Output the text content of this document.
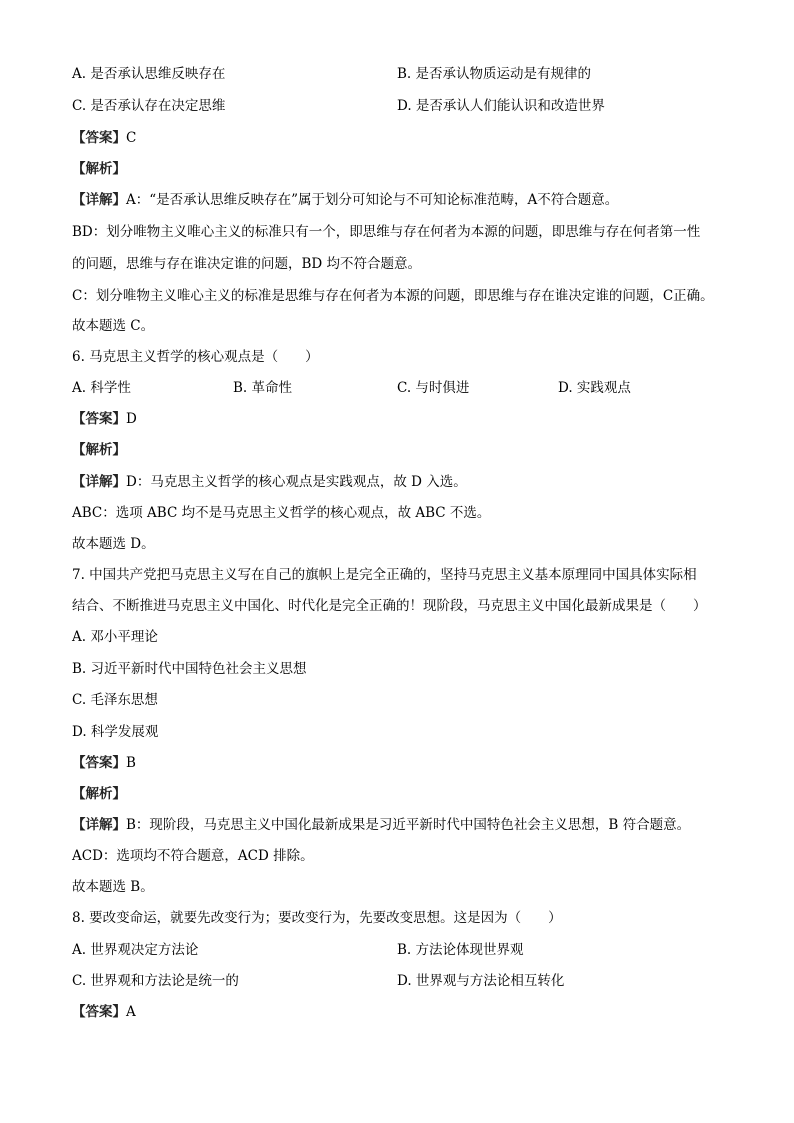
A. 是否承认思维反映存在	B. 是否承认物质运动是有规律的
C. 是否承认存在决定思维	D. 是否承认人们能认识和改造世界
【答案】C
【解析】
【详解】A：“是否承认思维反映存在”属于划分可知论与不可知论标准范畴，A不符合题意。
BD：划分唯物主义唯心主义的标准只有一个，即思维与存在何者为本源的问题，即思维与存在何者第一性
的问题，思维与存在谁决定谁的问题，BD 均不符合题意。
C：划分唯物主义唯心主义的标准是思维与存在何者为本源的问题，即思维与存在谁决定谁的问题，C正确。
故本题选 C。
6. 马克思主义哲学的核心观点是（　　）
A. 科学性	B. 革命性	C. 与时俱进	D. 实践观点
【答案】D
【解析】
【详解】D：马克思主义哲学的核心观点是实践观点，故 D 入选。
ABC：选项 ABC 均不是马克思主义哲学的核心观点，故 ABC 不选。
故本题选 D。
7. 中国共产党把马克思主义写在自己的旗帜上是完全正确的，坚持马克思主义基本原理同中国具体实际相
结合、不断推进马克思主义中国化、时代化是完全正确的！现阶段，马克思主义中国化最新成果是（　　）
A. 邓小平理论
B. 习近平新时代中国特色社会主义思想
C. 毛泽东思想
D. 科学发展观
【答案】B
【解析】
【详解】B：现阶段，马克思主义中国化最新成果是习近平新时代中国特色社会主义思想，B 符合题意。
ACD：选项均不符合题意，ACD 排除。
故本题选 B。
8. 要改变命运，就要先改变行为；要改变行为，先要改变思想。这是因为（　　）
A. 世界观决定方法论	B. 方法论体现世界观
C. 世界观和方法论是统一的	D. 世界观与方法论相互转化
【答案】A
